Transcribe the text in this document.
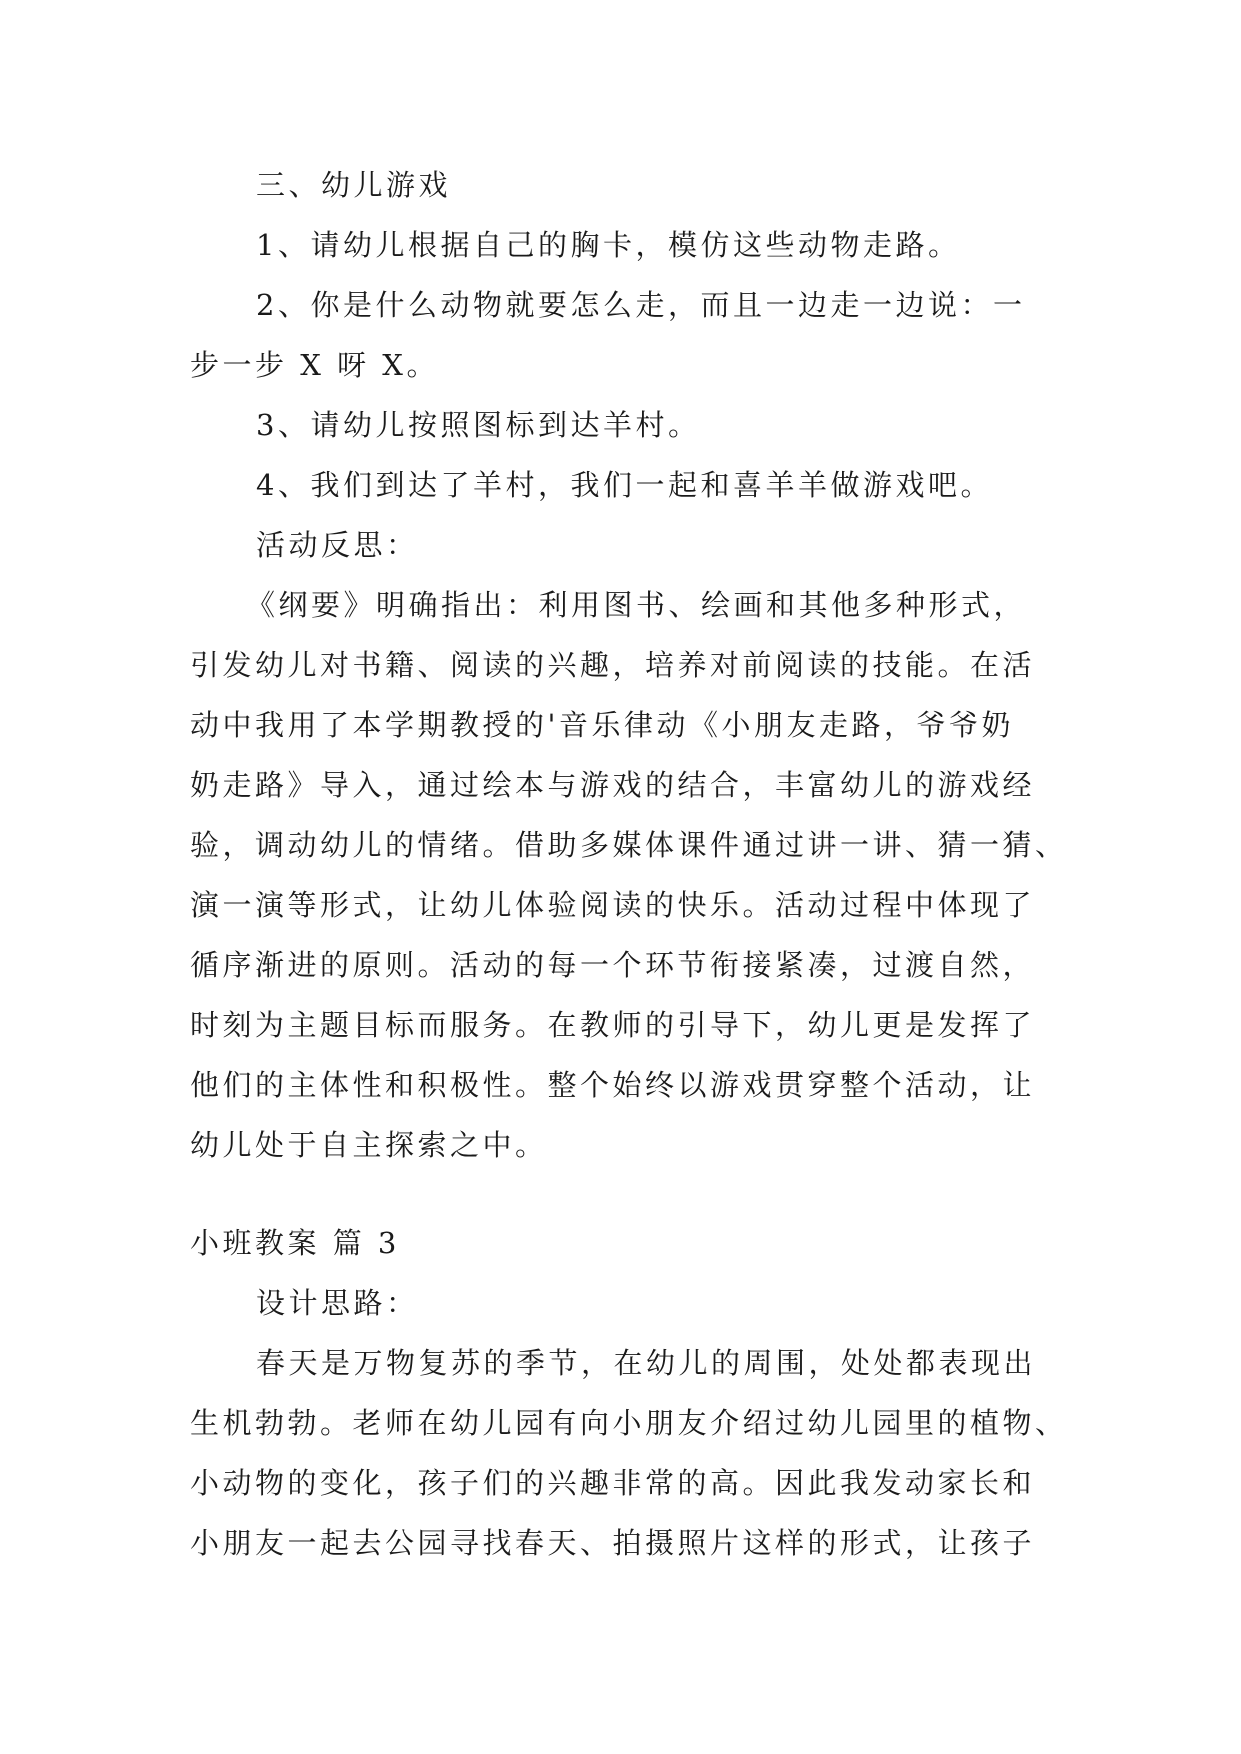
三、幼儿游戏
1、请幼儿根据自己的胸卡，模仿这些动物走路。
2、你是什么动物就要怎么走，而且一边走一边说：一
步一步 X 呀 X。
3、请幼儿按照图标到达羊村。
4、我们到达了羊村，我们一起和喜羊羊做游戏吧。
活动反思：
《纲要》明确指出：利用图书、绘画和其他多种形式，
引发幼儿对书籍、阅读的兴趣，培养对前阅读的技能。在活
动中我用了本学期教授的'音乐律动《小朋友走路，爷爷奶
奶走路》导入，通过绘本与游戏的结合，丰富幼儿的游戏经
验，调动幼儿的情绪。借助多媒体课件通过讲一讲、猜一猜、
演一演等形式，让幼儿体验阅读的快乐。活动过程中体现了
循序渐进的原则。活动的每一个环节衔接紧凑，过渡自然，
时刻为主题目标而服务。在教师的引导下，幼儿更是发挥了
他们的主体性和积极性。整个始终以游戏贯穿整个活动，让
幼儿处于自主探索之中。
小班教案 篇 3
设计思路：
春天是万物复苏的季节，在幼儿的周围，处处都表现出
生机勃勃。老师在幼儿园有向小朋友介绍过幼儿园里的植物、
小动物的变化，孩子们的兴趣非常的高。因此我发动家长和
小朋友一起去公园寻找春天、拍摄照片这样的形式，让孩子
